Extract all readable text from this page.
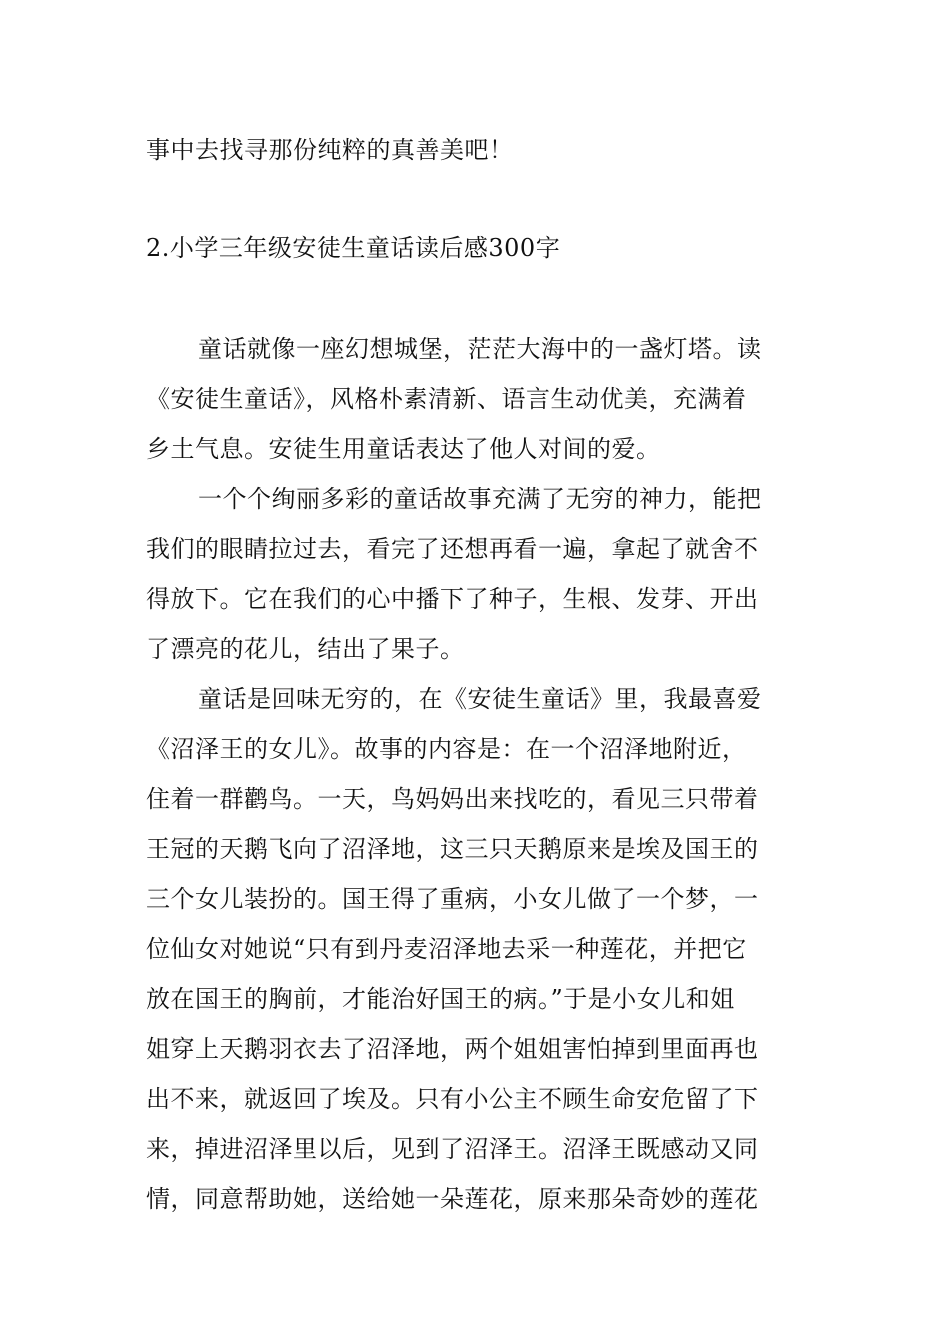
事中去找寻那份纯粹的真善美吧！
2.小学三年级安徒生童话读后感300字
童话就像一座幻想城堡，茫茫大海中的一盏灯塔。读
《安徒生童话》，风格朴素清新、语言生动优美，充满着
乡土气息。安徒生用童话表达了他人对间的爱。
一个个绚丽多彩的童话故事充满了无穷的神力，能把
我们的眼睛拉过去，看完了还想再看一遍，拿起了就舍不
得放下。它在我们的心中播下了种子，生根、发芽、开出
了漂亮的花儿，结出了果子。
童话是回味无穷的，在《安徒生童话》里，我最喜爱
《沼泽王的女儿》。故事的内容是：在一个沼泽地附近，
住着一群鹳鸟。一天，鸟妈妈出来找吃的，看见三只带着
王冠的天鹅飞向了沼泽地，这三只天鹅原来是埃及国王的
三个女儿装扮的。国王得了重病，小女儿做了一个梦，一
位仙女对她说“只有到丹麦沼泽地去采一种莲花，并把它
放在国王的胸前，才能治好国王的病。”于是小女儿和姐
姐穿上天鹅羽衣去了沼泽地，两个姐姐害怕掉到里面再也
出不来，就返回了埃及。只有小公主不顾生命安危留了下
来，掉进沼泽里以后，见到了沼泽王。沼泽王既感动又同
情，同意帮助她，送给她一朵莲花，原来那朵奇妙的莲花
